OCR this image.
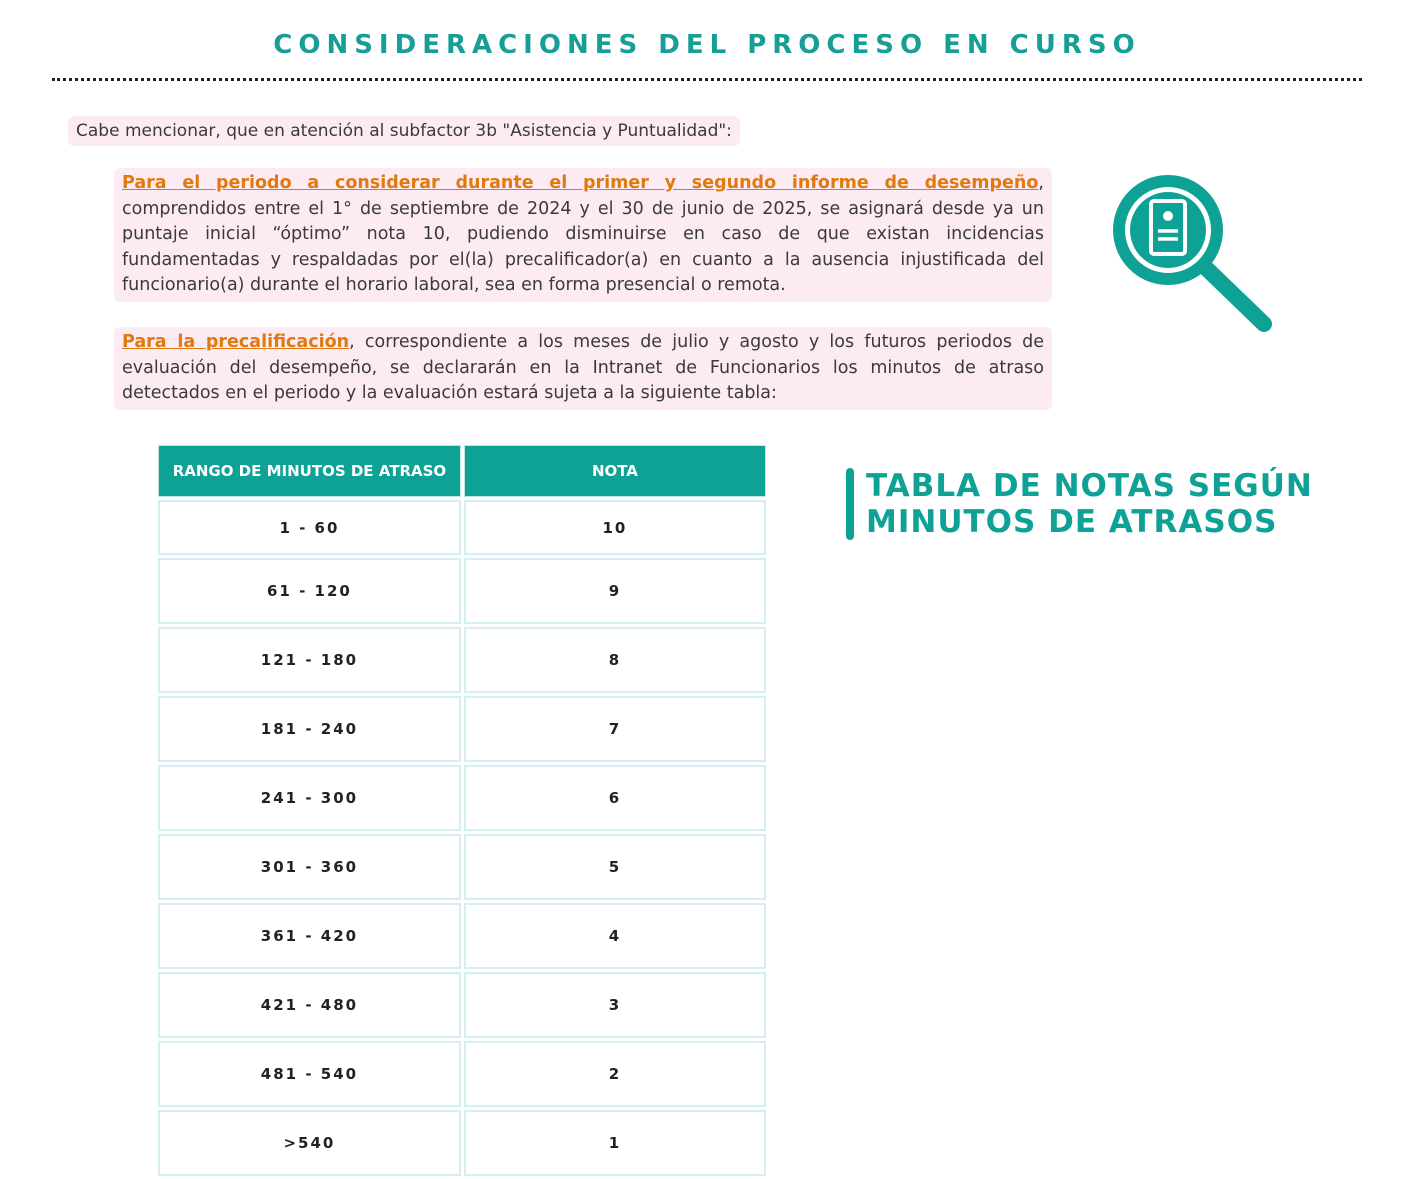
CONSIDERACIONES DEL PROCESO EN CURSO
Cabe mencionar, que en atención al subfactor 3b "Asistencia y Puntualidad":
Para el periodo a considerar durante el primer y segundo informe de desempeño, comprendidos entre el 1° de septiembre de 2024 y el 30 de junio de 2025, se asignará desde ya un puntaje inicial “óptimo” nota 10, pudiendo disminuirse en caso de que existan incidencias fundamentadas y respaldadas por el(la) precalificador(a) en cuanto a la ausencia injustificada del funcionario(a) durante el horario laboral, sea en forma presencial o remota.
Para la precalificación, correspondiente a los meses de julio y agosto y los futuros periodos de evaluación del desempeño, se declararán en la Intranet de Funcionarios los minutos de atraso detectados en el periodo y la evaluación estará sujeta a la siguiente tabla:
RANGO DE MINUTOS DE ATRASO	NOTA
1 - 60	10
61 - 120	9
121 - 180	8
181 - 240	7
241 - 300	6
301 - 360	5
361 - 420	4
421 - 480	3
481 - 540	2
>540	1
TABLA DE NOTAS SEGÚN
MINUTOS DE ATRASOS
